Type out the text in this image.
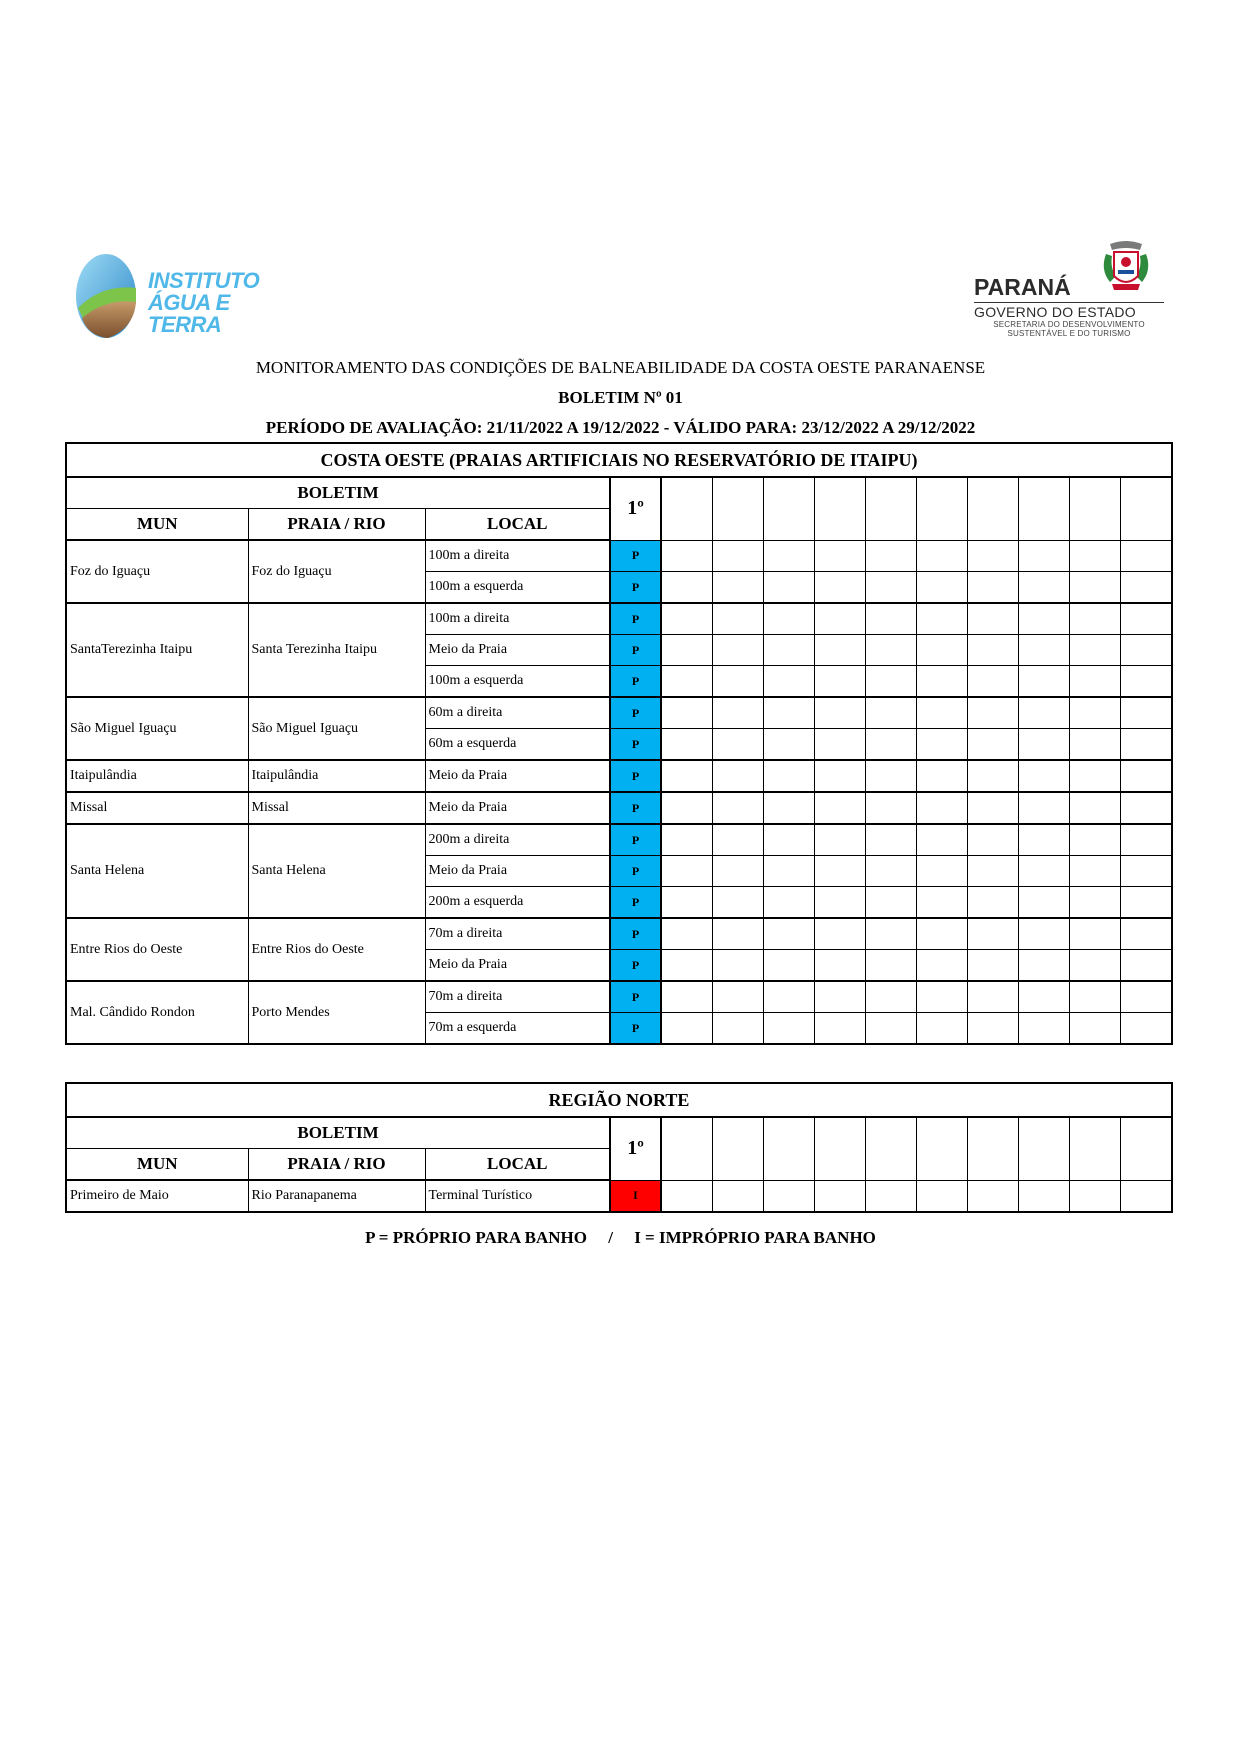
INSTITUTO
ÁGUA E TERRA
PARANÁ
GOVERNO DO ESTADO
SECRETARIA DO DESENVOLVIMENTO
SUSTENTÁVEL E DO TURISMO
MONITORAMENTO DAS CONDIÇÕES DE BALNEABILIDADE DA COSTA OESTE PARANAENSE
BOLETIM Nº 01
PERÍODO DE AVALIAÇÃO: 21/11/2022 A 19/12/2022 - VÁLIDO PARA: 23/12/2022 A 29/12/2022
COSTA OESTE (PRAIAS ARTIFICIAIS NO RESERVATÓRIO DE ITAIPU)													
BOLETIM			1º										
MUN	PRAIA / RIO	LOCAL											
Foz do Iguaçu	Foz do Iguaçu	100m a direita	P										
		100m a esquerda	P										
SantaTerezinha Itaipu	Santa Terezinha Itaipu	100m a direita	P										
		Meio da Praia	P										
		100m a esquerda	P										
São Miguel Iguaçu	São Miguel Iguaçu	60m a direita	P										
		60m a esquerda	P										
Itaipulândia	Itaipulândia	Meio da Praia	P										
Missal	Missal	Meio da Praia	P										
Santa Helena	Santa Helena	200m a direita	P										
		Meio da Praia	P										
		200m a esquerda	P										
Entre Rios do Oeste	Entre Rios do Oeste	70m a direita	P										
		Meio da Praia	P										
Mal. Cândido Rondon	Porto Mendes	70m a direita	P										
		70m a esquerda	P										
REGIÃO NORTE													
BOLETIM			1º										
MUN	PRAIA / RIO	LOCAL											
Primeiro de Maio	Rio Paranapanema	Terminal Turístico	I										
P = PRÓPRIO PARA BANHO     /     I = IMPRÓPRIO PARA BANHO
